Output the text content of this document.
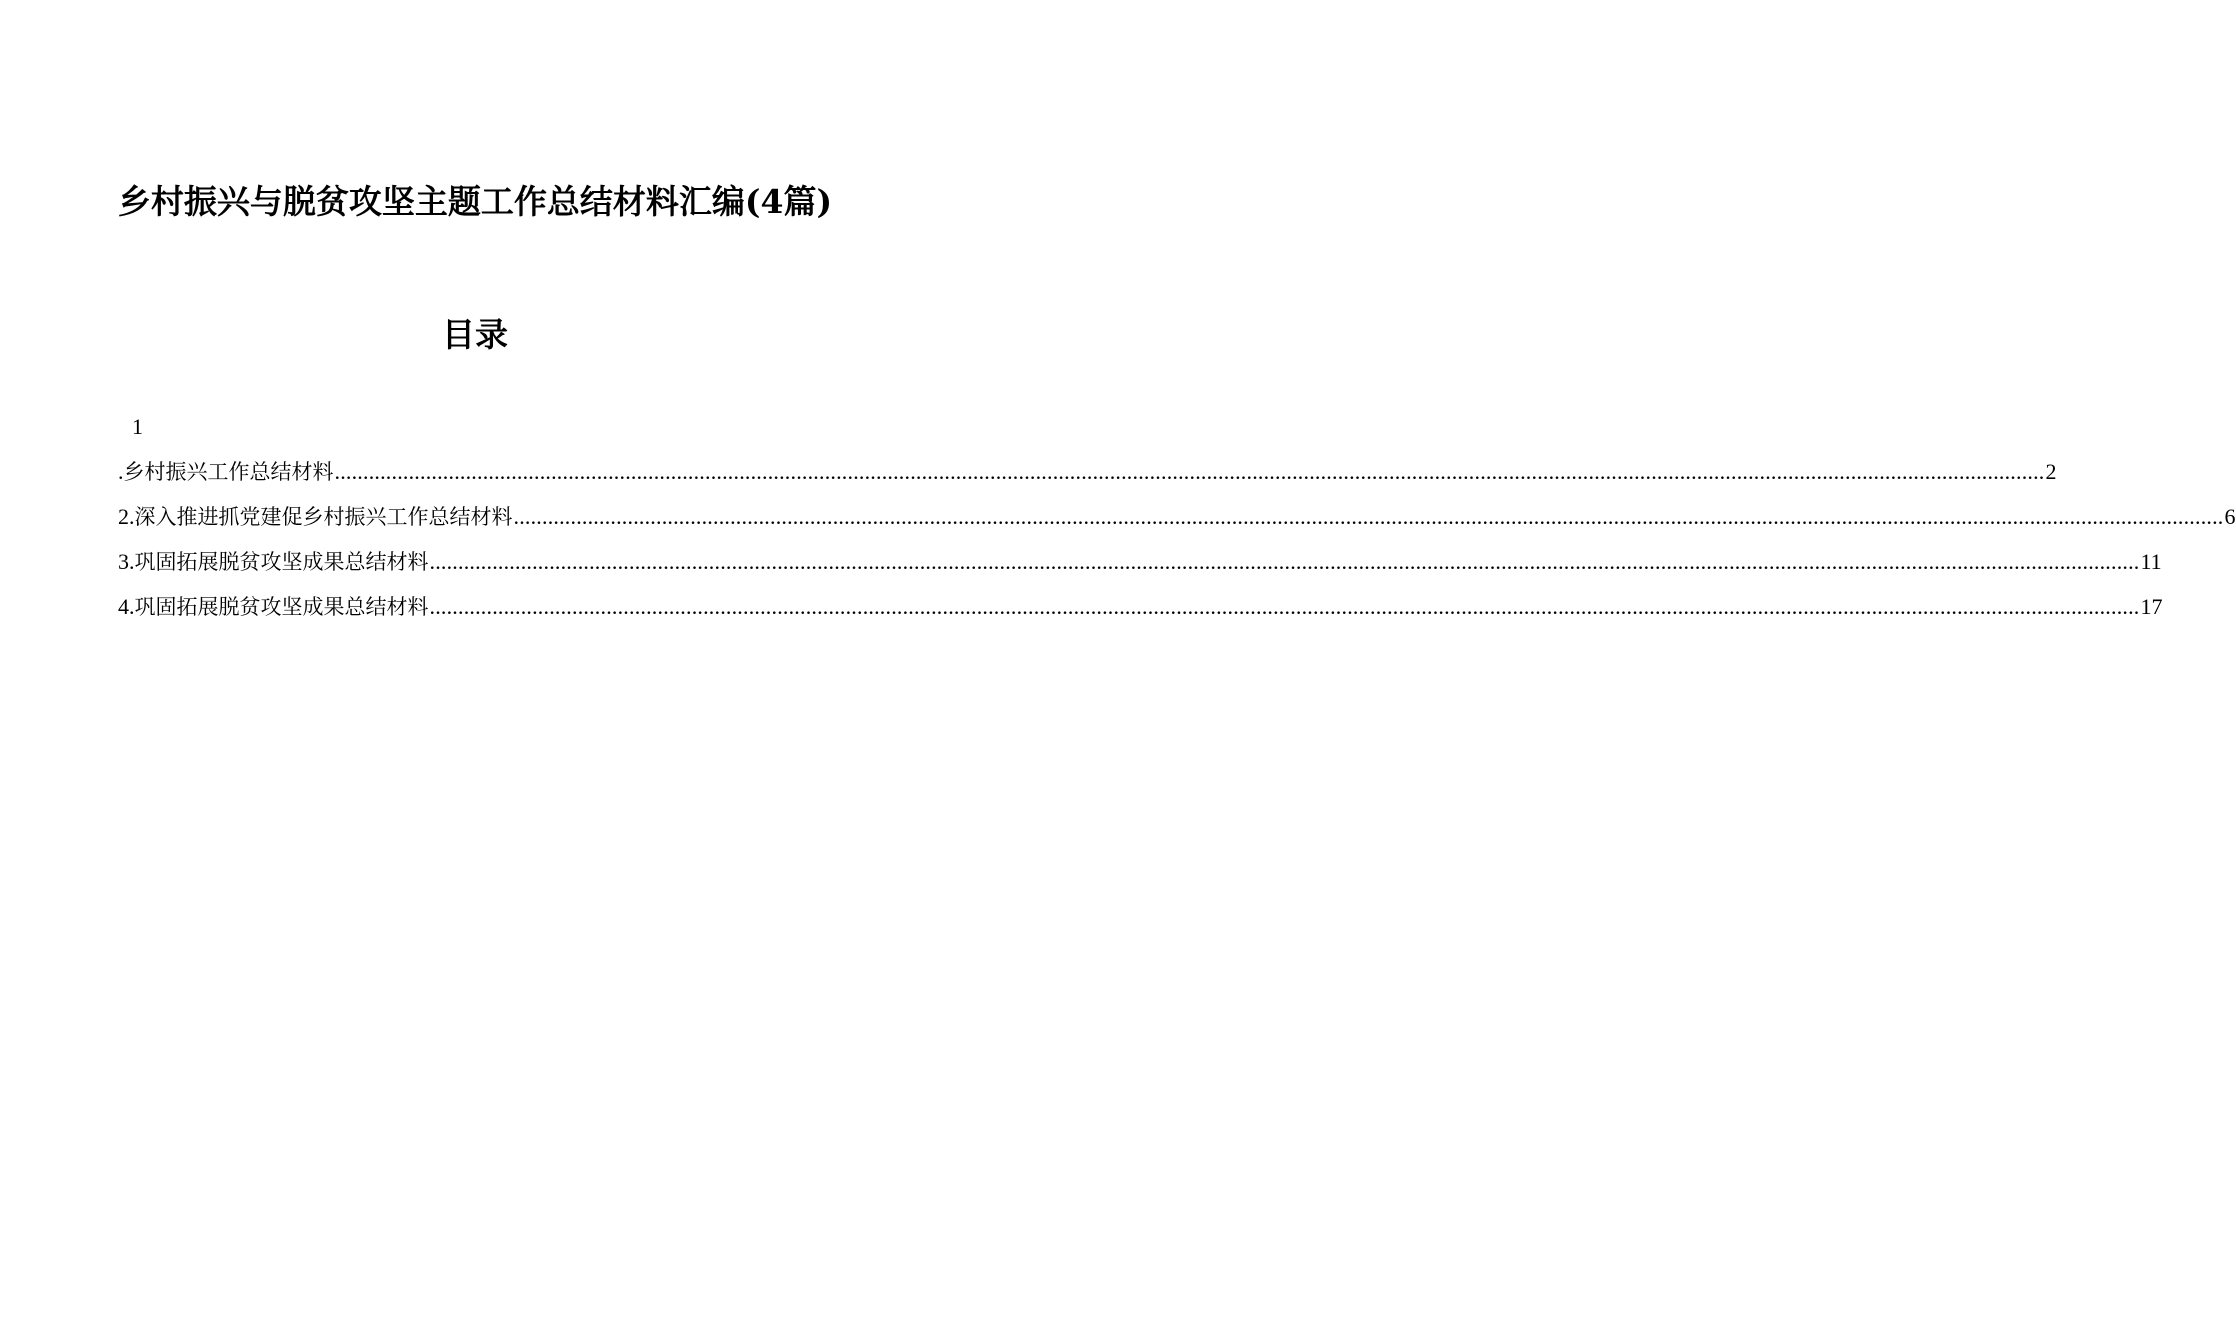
乡村振兴与脱贫攻坚主题工作总结材料汇编(4篇)
目录
1
.乡村振兴工作总结材料 ............................................................................................................................................................................................................................................................................................................ 2
2.深入推进抓党建促乡村振兴工作总结材料 ............................................................................................................................................................................................................................................................................................................ 6
3.巩固拓展脱贫攻坚成果总结材料 ............................................................................................................................................................................................................................................................................................................ 11
4.巩固拓展脱贫攻坚成果总结材料 ............................................................................................................................................................................................................................................................................................................ 17
